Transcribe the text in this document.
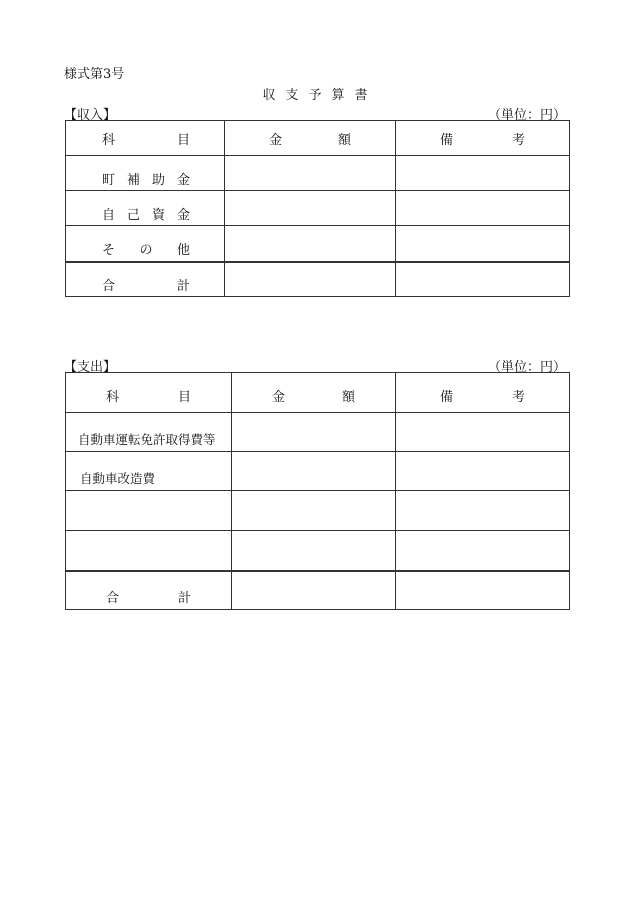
様式第3号
収支予算書
【収入】	（単位：円）
科 目	金 額	備 考

町補助金		

自己資金		

そ の 他		

合 計		

【支出】	（単位：円）
科 目	金 額	備 考

自動車運転免許取得費等		

自動車改造費		

合 計		
